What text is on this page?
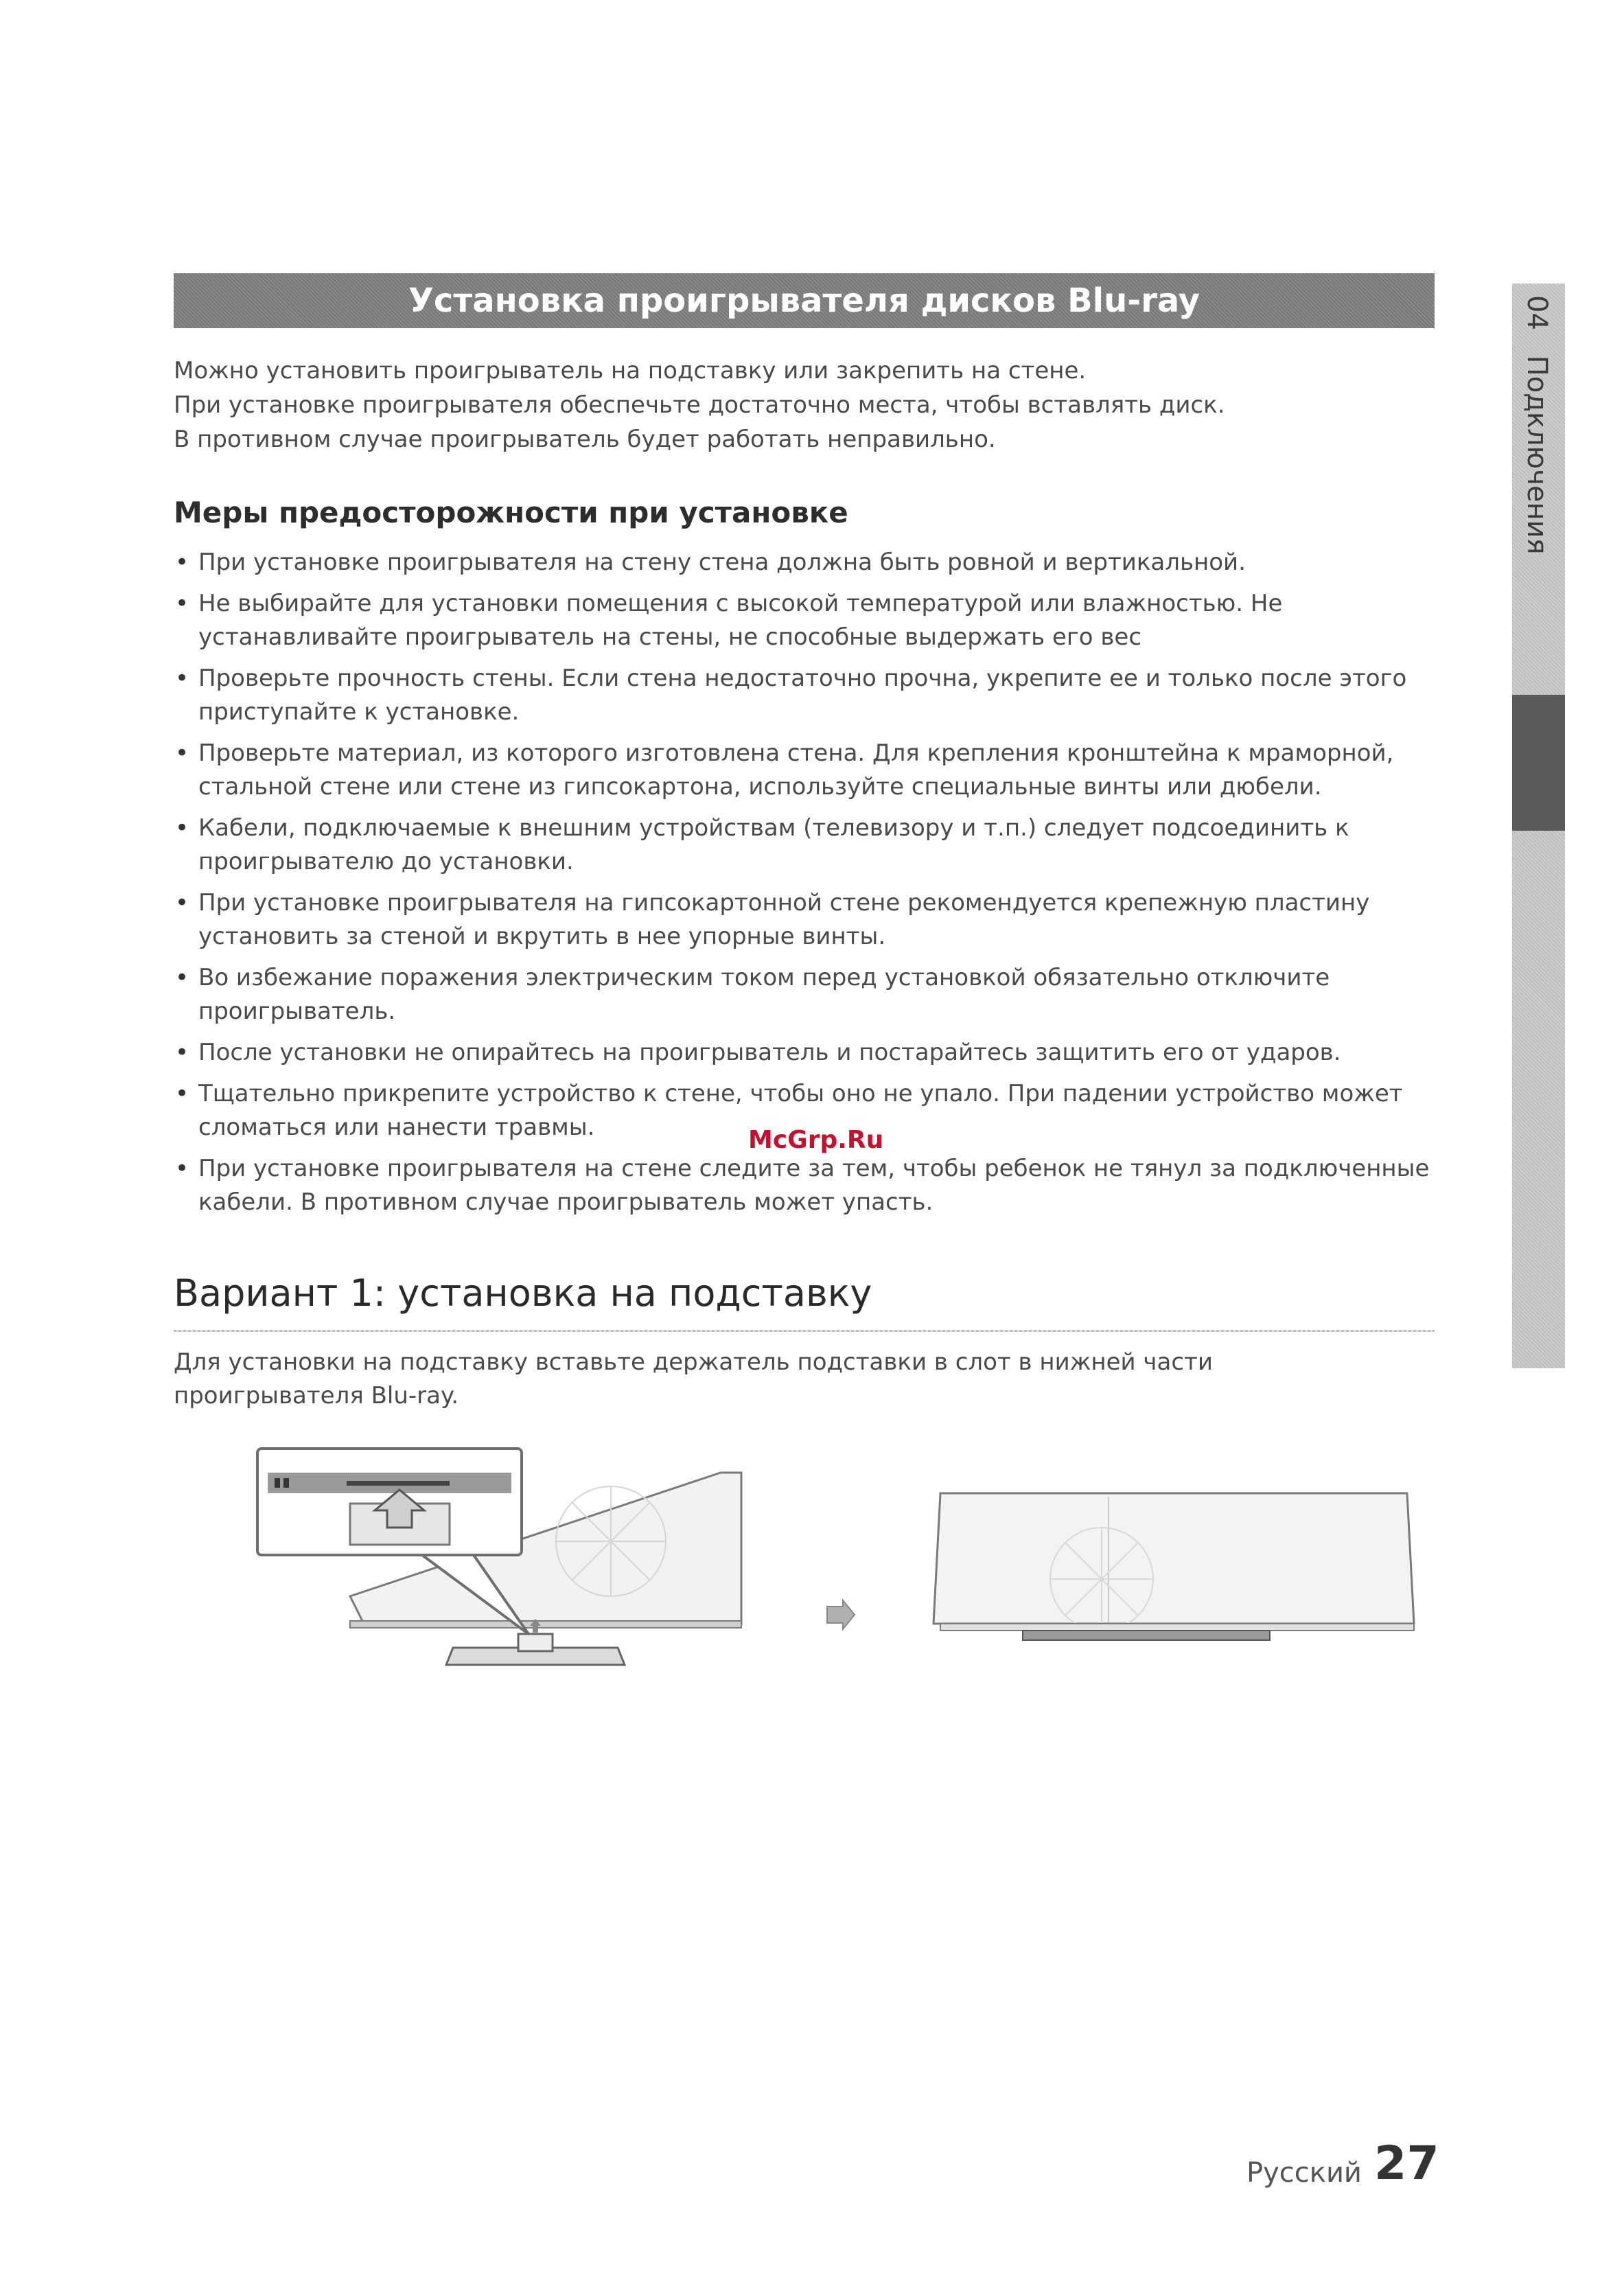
Установка проигрывателя дисков Blu-ray	04 Подключения

Можно установить проигрыватель на подставку или закрепить на стене.

При установке проигрывателя обеспечьте достаточно места, чтобы вставлять диск.

В противном случае проигрыватель будет работать неправильно.

Меры предосторожности при установке
• При установке проигрывателя на стену стена должна быть ровной и вертикальной.
• Не выбирайте для установки помещения с высокой температурой или влажностью. Не устанавливайте проигрыватель на стены, не способные выдержать его вес
• Проверьте прочность стены. Если стена недостаточно прочна, укрепите ее и только после этого приступайте к установке.
• Проверьте материал, из которого изготовлена стена. Для крепления кронштейна к мраморной, стальной стене или стене из гипсокартона, используйте специальные винты или дюбели.
• Кабели, подключаемые к внешним устройствам (телевизору и т.п.) следует подсоединить к проигрывателю до установки.
• При установке проигрывателя на гипсокартонной стене рекомендуется крепежную пластину установить за стеной и вкрутить в нее упорные винты.
• Во избежание поражения электрическим током перед установкой обязательно отключите проигрыватель.
• После установки не опирайтесь на проигрыватель и постарайтесь защитить его от ударов.
• Тщательно прикрепите устройство к стене, чтобы оно не упало. При падении устройство может сломаться или нанести травмы.
• При установке проигрывателя на стене следите за тем, чтобы ребенок не тянул за подключенные кабели. В противном случае проигрыватель может упасть.
McGrp.Ru
Вариант 1: установка на подставку

Для установки на подставку вставьте держатель подставки в слот в нижней части проигрывателя Blu-ray.

Русский 27
